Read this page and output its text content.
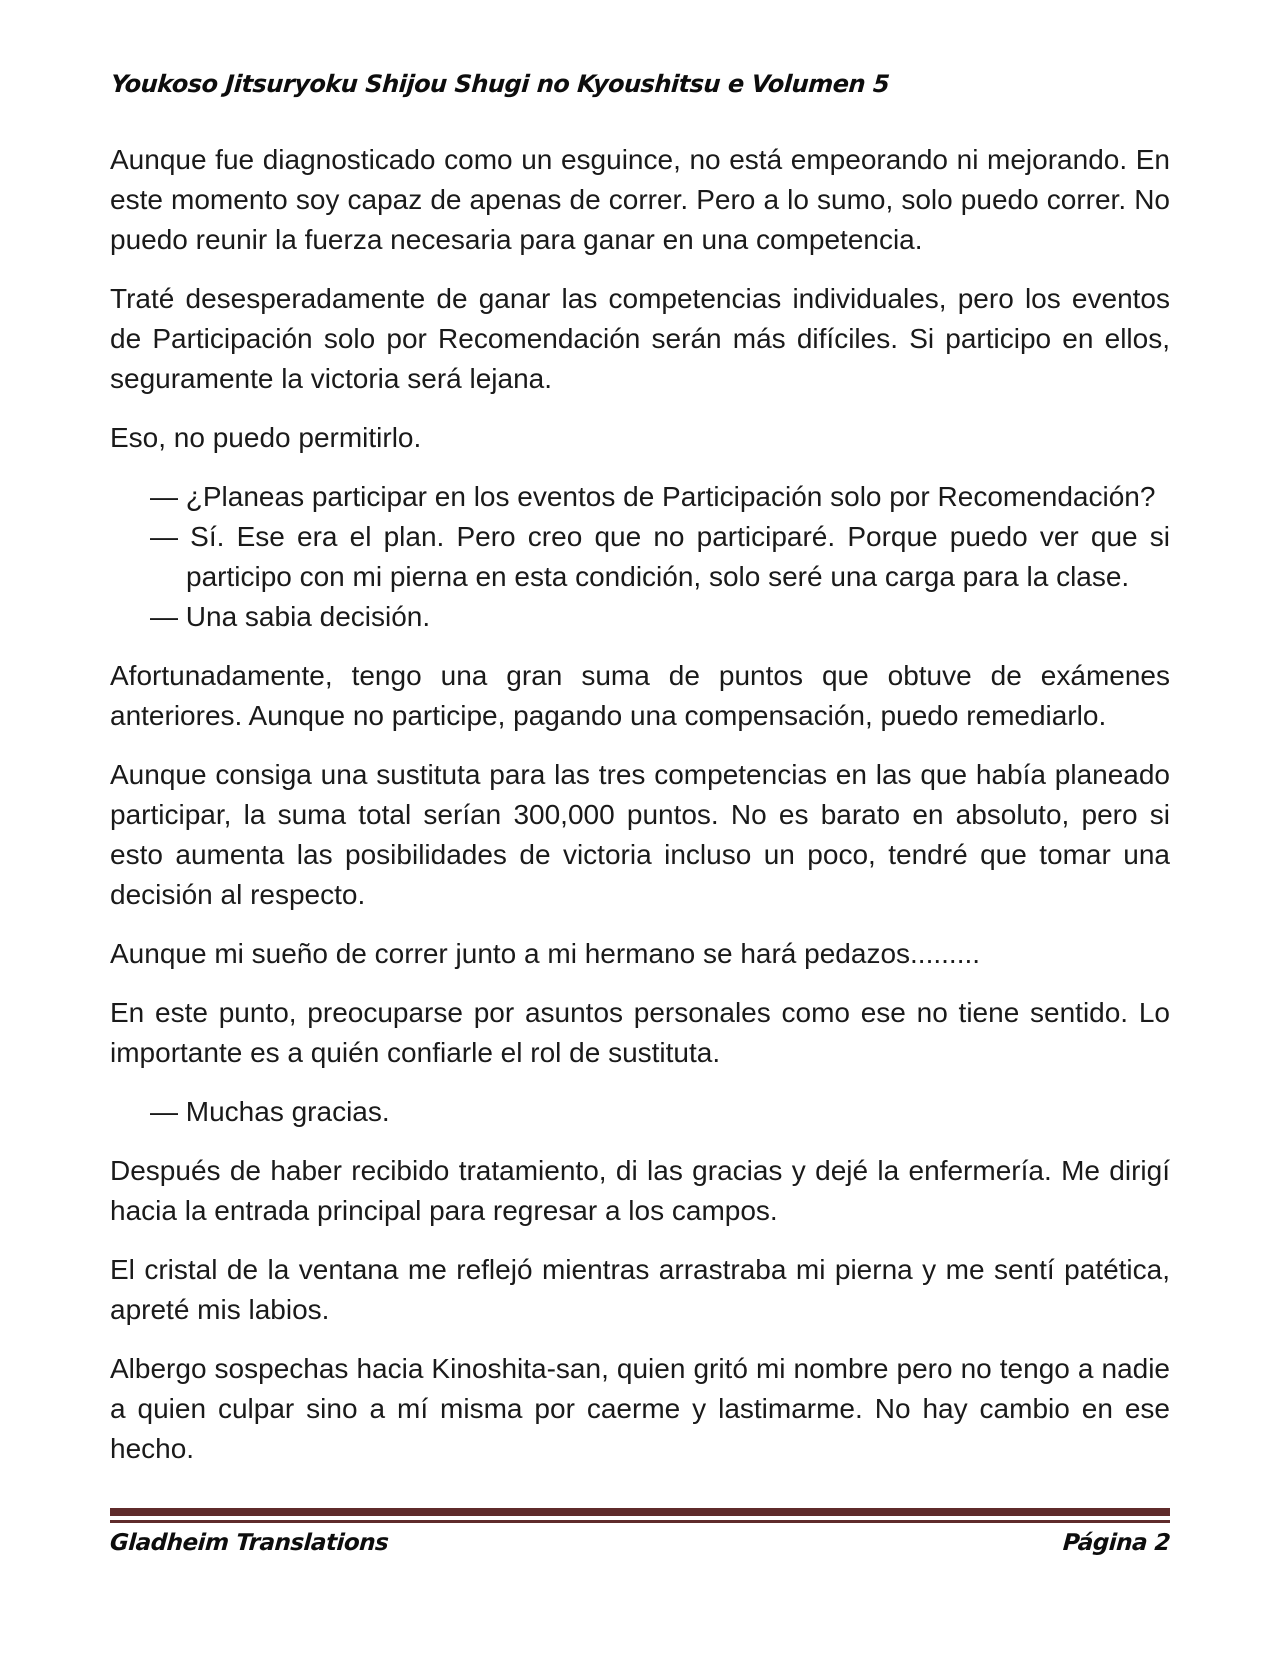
Youkoso Jitsuryoku Shijou Shugi no Kyoushitsu e Volumen 5

Aunque fue diagnosticado como un esguince, no está empeorando ni mejorando. En este momento soy capaz de apenas de correr. Pero a lo sumo, solo puedo correr. No puedo reunir la fuerza necesaria para ganar en una competencia.

Traté desesperadamente de ganar las competencias individuales, pero los eventos de Participación solo por Recomendación serán más difíciles. Si participo en ellos, seguramente la victoria será lejana.

Eso, no puedo permitirlo.

— ¿Planeas participar en los eventos de Participación solo por Recomendación?

— Sí. Ese era el plan. Pero creo que no participaré. Porque puedo ver que si participo con mi pierna en esta condición, solo seré una carga para la clase.

— Una sabia decisión.

Afortunadamente, tengo una gran suma de puntos que obtuve de exámenes anteriores. Aunque no participe, pagando una compensación, puedo remediarlo.

Aunque consiga una sustituta para las tres competencias en las que había planeado participar, la suma total serían 300,000 puntos. No es barato en absoluto, pero si esto aumenta las posibilidades de victoria incluso un poco, tendré que tomar una decisión al respecto.

Aunque mi sueño de correr junto a mi hermano se hará pedazos.........

En este punto, preocuparse por asuntos personales como ese no tiene sentido. Lo importante es a quién confiarle el rol de sustituta.

— Muchas gracias.

Después de haber recibido tratamiento, di las gracias y dejé la enfermería. Me dirigí hacia la entrada principal para regresar a los campos.

El cristal de la ventana me reflejó mientras arrastraba mi pierna y me sentí patética, apreté mis labios.

Albergo sospechas hacia Kinoshita-san, quien gritó mi nombre pero no tengo a nadie a quien culpar sino a mí misma por caerme y lastimarme. No hay cambio en ese hecho.

Gladheim Translations	Página 2
